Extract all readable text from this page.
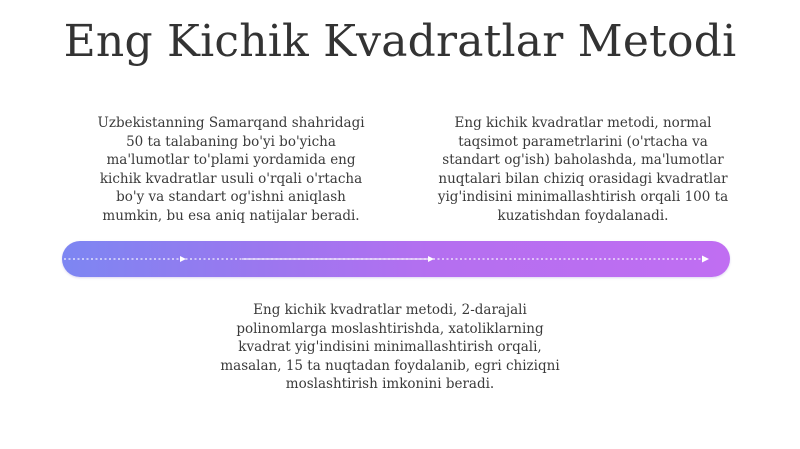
Eng Kichik Kvadratlar Metodi
Uzbekistanning Samarqand shahridagi
50 ta talabaning bo'yi bo'yicha
ma'lumotlar to'plami yordamida eng
kichik kvadratlar usuli o'rqali o'rtacha
bo'y va standart og'ishni aniqlash
mumkin, bu esa aniq natijalar beradi.
Eng kichik kvadratlar metodi, normal
taqsimot parametrlarini (o'rtacha va
standart og'ish) baholashda, ma'lumotlar
nuqtalari bilan chiziq orasidagi kvadratlar
yig'indisini minimallashtirish orqali 100 ta
kuzatishdan foydalanadi.
Eng kichik kvadratlar metodi, 2-darajali
polinomlarga moslashtirishda, xatoliklarning
kvadrat yig'indisini minimallashtirish orqali,
masalan, 15 ta nuqtadan foydalanib, egri chiziqni
moslashtirish imkonini beradi.
